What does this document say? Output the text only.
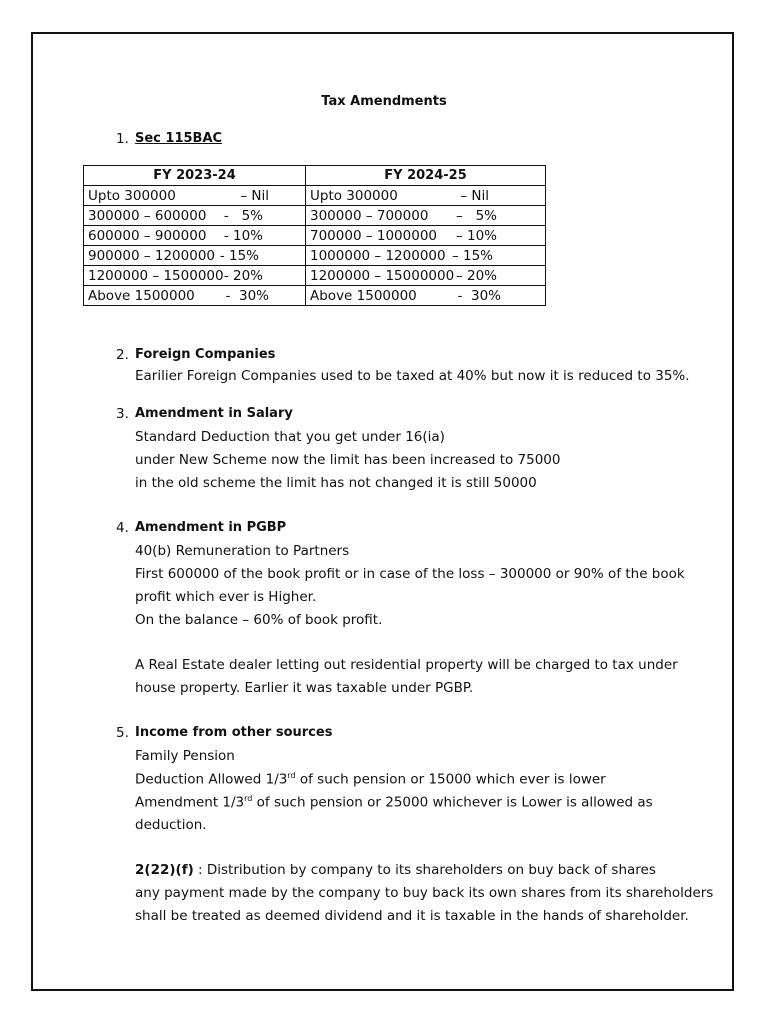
Tax Amendments
1. Sec 115BAC
FY 2023-24	FY 2024-25

Upto 300000 – Nil	Upto 300000 – Nil

300000 – 600000 -   5%	300000 – 700000 –   5%

600000 – 900000 - 10%	700000 – 1000000 – 10%

900000 – 1200000 - 15%	1000000 – 1200000 – 15%

1200000 – 1500000 - 20%	1200000 – 15000000 – 20%

Above 1500000 -  30%	Above 1500000 -  30%
2. Foreign Companies
Earilier Foreign Companies used to be taxed at 40% but now it is reduced to 35%.
3. Amendment in Salary
Standard Deduction that you get under 16(ia)
under New Scheme now the limit has been increased to 75000
in the old scheme the limit has not changed it is still 50000
4. Amendment in PGBP
40(b) Remuneration to Partners
First 600000 of the book profit or in case of the loss – 300000 or 90% of the book
profit which ever is Higher.
On the balance – 60% of book profit.
A Real Estate dealer letting out residential property will be charged to tax under
house property. Earlier it was taxable under PGBP.
5. Income from other sources
Family Pension
Deduction Allowed 1/3rd of such pension or 15000 which ever is lower
Amendment 1/3rd of such pension or 25000 whichever is Lower is allowed as
deduction.
2(22)(f) : Distribution by company to its shareholders on buy back of shares
any payment made by the company to buy back its own shares from its shareholders
shall be treated as deemed dividend and it is taxable in the hands of shareholder.
